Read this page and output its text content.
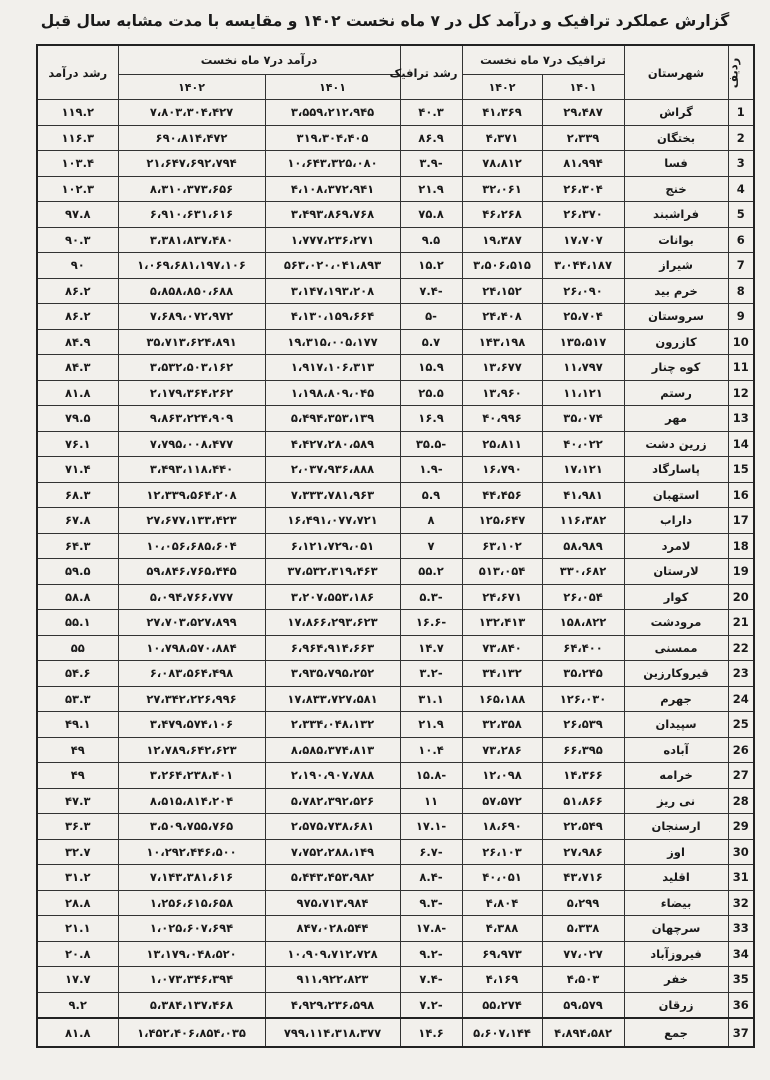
گزارش عملکرد ترافیک و درآمد کل در ۷ ماه نخست ۱۴۰۲ و مقایسه با مدت مشابه سال قبل
ردیف	شهرستان	ترافیک در۷ ماه نخست		رشد ترافیک	درآمد در۷ ماه نخست		رشد درآمد
		۱۴۰۱	۱۴۰۲		۱۴۰۱	۱۴۰۲	
1	گراش	۲۹،۴۸۷	۴۱،۳۶۹	۴۰.۳	۳،۵۵۹،۲۱۲،۹۴۵	۷،۸۰۳،۳۰۴،۴۲۷	۱۱۹.۲
2	بختگان	۲،۳۳۹	۴،۳۷۱	۸۶.۹	۳۱۹،۳۰۴،۴۰۵	۶۹۰،۸۱۴،۴۷۲	۱۱۶.۳
3	فسا	۸۱،۹۹۴	۷۸،۸۱۲	-۳.۹	۱۰،۶۴۳،۳۲۵،۰۸۰	۲۱،۶۴۷،۶۹۲،۷۹۴	۱۰۳.۴
4	خنج	۲۶،۳۰۴	۳۲،۰۶۱	۲۱.۹	۴،۱۰۸،۳۷۲،۹۴۱	۸،۳۱۰،۳۷۳،۶۵۶	۱۰۲.۳
5	فراشبند	۲۶،۳۷۰	۴۶،۲۶۸	۷۵.۸	۳،۴۹۳،۸۶۹،۷۶۸	۶،۹۱۰،۶۳۱،۶۱۶	۹۷.۸
6	بوانات	۱۷،۷۰۷	۱۹،۳۸۷	۹.۵	۱،۷۷۷،۲۳۶،۲۷۱	۳،۳۸۱،۸۳۷،۴۸۰	۹۰.۳
7	شیراز	۳،۰۴۴،۱۸۷	۳،۵۰۶،۵۱۵	۱۵.۲	۵۶۳،۰۲۰،۰۴۱،۸۹۳	۱،۰۶۹،۶۸۱،۱۹۷،۱۰۶	۹۰
8	خرم بید	۲۶،۰۹۰	۲۴،۱۵۲	-۷.۴	۳،۱۴۷،۱۹۳،۲۰۸	۵،۸۵۸،۸۵۰،۶۸۸	۸۶.۲
9	سروستان	۲۵،۷۰۴	۲۴،۴۰۸	-۵	۴،۱۳۰،۱۵۹،۶۶۴	۷،۶۸۹،۰۷۲،۹۷۲	۸۶.۲
10	کازرون	۱۳۵،۵۱۷	۱۴۳،۱۹۸	۵.۷	۱۹،۳۱۵،۰۰۵،۱۷۷	۳۵،۷۱۳،۶۲۴،۸۹۱	۸۴.۹
11	کوه چنار	۱۱،۷۹۷	۱۳،۶۷۷	۱۵.۹	۱،۹۱۷،۱۰۶،۳۱۳	۳،۵۳۲،۵۰۳،۱۶۲	۸۴.۳
12	رستم	۱۱،۱۲۱	۱۳،۹۶۰	۲۵.۵	۱،۱۹۸،۸۰۹،۰۴۵	۲،۱۷۹،۳۶۴،۲۶۲	۸۱.۸
13	مهر	۳۵،۰۷۴	۴۰،۹۹۶	۱۶.۹	۵،۴۹۴،۳۵۳،۱۳۹	۹،۸۶۳،۲۲۴،۹۰۹	۷۹.۵
14	زرین دشت	۴۰،۰۲۲	۲۵،۸۱۱	-۳۵.۵	۴،۴۲۷،۲۸۰،۵۸۹	۷،۷۹۵،۰۰۸،۴۷۷	۷۶.۱
15	پاسارگاد	۱۷،۱۲۱	۱۶،۷۹۰	-۱.۹	۲،۰۳۷،۹۳۶،۸۸۸	۳،۴۹۳،۱۱۸،۴۴۰	۷۱.۴
16	استهبان	۴۱،۹۸۱	۴۴،۴۵۶	۵.۹	۷،۳۳۳،۷۸۱،۹۶۳	۱۲،۳۳۹،۵۶۴،۲۰۸	۶۸.۳
17	داراب	۱۱۶،۳۸۲	۱۲۵،۶۴۷	۸	۱۶،۴۹۱،۰۷۷،۷۲۱	۲۷،۶۷۷،۱۳۳،۴۲۳	۶۷.۸
18	لامرد	۵۸،۹۸۹	۶۳،۱۰۲	۷	۶،۱۲۱،۷۲۹،۰۵۱	۱۰،۰۵۶،۶۸۵،۶۰۴	۶۴.۳
19	لارستان	۳۳۰،۶۸۲	۵۱۳،۰۵۴	۵۵.۲	۳۷،۵۳۲،۳۱۹،۴۶۳	۵۹،۸۴۶،۷۶۵،۴۴۵	۵۹.۵
20	کوار	۲۶،۰۵۴	۲۴،۶۷۱	-۵.۳	۳،۲۰۷،۵۵۳،۱۸۶	۵،۰۹۴،۷۶۶،۷۷۷	۵۸.۸
21	مرودشت	۱۵۸،۸۲۲	۱۳۲،۴۱۳	-۱۶.۶	۱۷،۸۶۶،۲۹۳،۶۲۳	۲۷،۷۰۳،۵۲۷،۸۹۹	۵۵.۱
22	ممسنی	۶۴،۴۰۰	۷۳،۸۴۰	۱۴.۷	۶،۹۶۴،۹۱۴،۶۶۳	۱۰،۷۹۸،۵۷۰،۸۸۴	۵۵
23	قیروکارزین	۳۵،۲۴۵	۳۴،۱۳۲	-۳.۲	۳،۹۳۵،۷۹۵،۲۵۲	۶،۰۸۳،۵۶۴،۴۹۸	۵۴.۶
24	جهرم	۱۲۶،۰۳۰	۱۶۵،۱۸۸	۳۱.۱	۱۷،۸۳۳،۷۲۷،۵۸۱	۲۷،۳۴۲،۲۲۶،۹۹۶	۵۳.۳
25	سپیدان	۲۶،۵۳۹	۳۲،۳۵۸	۲۱.۹	۲،۳۳۴،۰۴۸،۱۳۲	۳،۴۷۹،۵۷۴،۱۰۶	۴۹.۱
26	آباده	۶۶،۳۹۵	۷۳،۲۸۶	۱۰.۴	۸،۵۸۵،۳۷۴،۸۱۳	۱۲،۷۸۹،۶۴۲،۶۲۳	۴۹
27	خرامه	۱۴،۳۶۶	۱۲،۰۹۸	-۱۵.۸	۲،۱۹۰،۹۰۷،۷۸۸	۳،۲۶۴،۲۳۸،۴۰۱	۴۹
28	نی ریز	۵۱،۸۶۶	۵۷،۵۷۲	۱۱	۵،۷۸۲،۳۹۲،۵۲۶	۸،۵۱۵،۸۱۴،۲۰۴	۴۷.۳
29	ارسنجان	۲۲،۵۴۹	۱۸،۶۹۰	-۱۷.۱	۲،۵۷۵،۷۳۸،۶۸۱	۳،۵۰۹،۷۵۵،۷۶۵	۳۶.۳
30	اوز	۲۷،۹۸۶	۲۶،۱۰۳	-۶.۷	۷،۷۵۲،۲۸۸،۱۴۹	۱۰،۲۹۲،۴۴۶،۵۰۰	۳۲.۷
31	اقلید	۴۳،۷۱۶	۴۰،۰۵۱	-۸.۴	۵،۴۴۳،۴۵۳،۹۸۲	۷،۱۴۳،۳۸۱،۶۱۶	۳۱.۲
32	بیضاء	۵،۲۹۹	۴،۸۰۴	-۹.۳	۹۷۵،۷۱۳،۹۸۴	۱،۲۵۶،۶۱۵،۶۵۸	۲۸.۸
33	سرچهان	۵،۳۳۸	۴،۳۸۸	-۱۷.۸	۸۴۷،۰۲۸،۵۴۴	۱،۰۲۵،۶۰۷،۶۹۴	۲۱.۱
34	فیروزآباد	۷۷،۰۲۷	۶۹،۹۷۳	-۹.۲	۱۰،۹۰۹،۷۱۲،۷۲۸	۱۳،۱۷۹،۰۴۸،۵۲۰	۲۰.۸
35	خفر	۴،۵۰۳	۴،۱۶۹	-۷.۴	۹۱۱،۹۲۲،۸۲۳	۱،۰۷۳،۳۴۶،۳۹۴	۱۷.۷
36	زرقان	۵۹،۵۷۹	۵۵،۲۷۴	-۷.۲	۴،۹۲۹،۲۳۶،۵۹۸	۵،۳۸۴،۱۳۷،۴۶۸	۹.۲
37	جمع	۴،۸۹۴،۵۸۲	۵،۶۰۷،۱۴۴	۱۴.۶	۷۹۹،۱۱۴،۳۱۸،۳۷۷	۱،۴۵۲،۴۰۶،۸۵۴،۰۳۵	۸۱.۸
